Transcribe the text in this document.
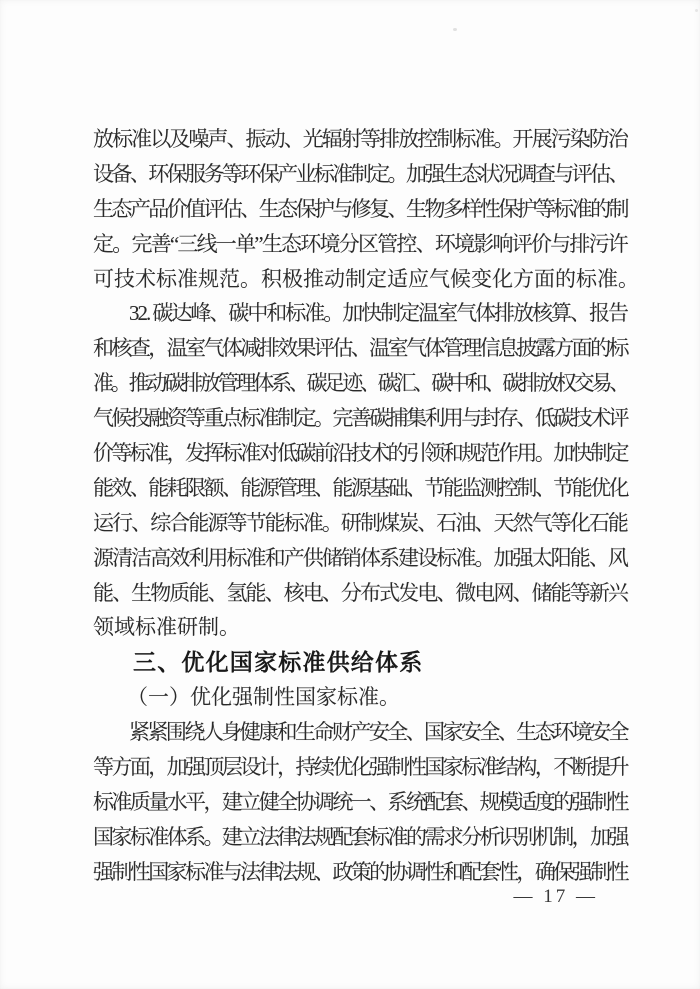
放标准以及噪声、振动、光辐射等排放控制标准。开展污染防治
设备、环保服务等环保产业标准制定。加强生态状况调查与评估、
生态产品价值评估、生态保护与修复、生物多样性保护等标准的制
定。完善“三线一单”生态环境分区管控、环境影响评价与排污许
可技术标准规范。积极推动制定适应气候变化方面的标准。
32. 碳达峰、碳中和标准。加快制定温室气体排放核算、报告
和核查，温室气体减排效果评估、温室气体管理信息披露方面的标
准。推动碳排放管理体系、碳足迹、碳汇、碳中和、碳排放权交易、
气候投融资等重点标准制定。完善碳捕集利用与封存、低碳技术评
价等标准，发挥标准对低碳前沿技术的引领和规范作用。加快制定
能效、能耗限额、能源管理、能源基础、节能监测控制、节能优化
运行、综合能源等节能标准。研制煤炭、石油、天然气等化石能
源清洁高效利用标准和产供储销体系建设标准。加强太阳能、风
能、生物质能、氢能、核电、分布式发电、微电网、储能等新兴
领域标准研制。
三、优化国家标准供给体系
（一）优化强制性国家标准。
紧紧围绕人身健康和生命财产安全、国家安全、生态环境安全
等方面，加强顶层设计，持续优化强制性国家标准结构，不断提升
标准质量水平，建立健全协调统一、系统配套、规模适度的强制性
国家标准体系。建立法律法规配套标准的需求分析识别机制，加强
强制性国家标准与法律法规、政策的协调性和配套性，确保强制性
— 17 —
